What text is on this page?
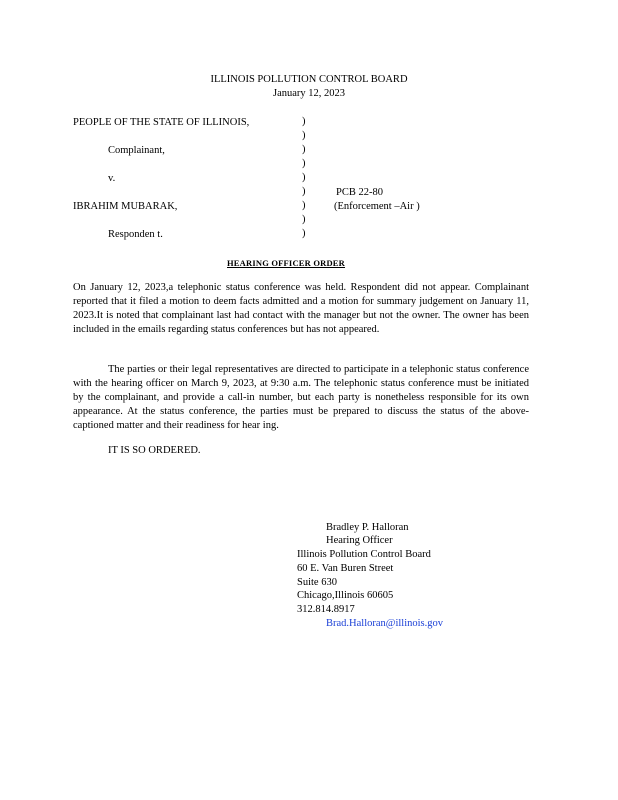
ILLINOIS POLLUTION CONTROL BOARD
January 12, 2023
PEOPLE OF THE STATE OF ILLINOIS,
Complainant,
v.
IBRAHIM MUBARAK,
Responden t.
)
)
)
)
)
)
)
)
)
PCB 22-80
(Enforcement –Air )
HEARING OFFICER ORDER
On January 12, 2023,a telephonic status conference was held. Respondent did not appear. Complainant reported that it filed a motion to deem facts admitted and a motion for summary judgement on January 11, 2023.It is noted that complainant last had contact with the manager but not the owner. The owner has been included in the emails regarding status conferences but has not appeared.
The parties or their legal representatives are directed to participate in a telephonic status conference with the hearing officer on March 9, 2023, at 9:30 a.m. The telephonic status conference must be initiated by the complainant, and provide a call-in number, but each party is nonetheless responsible for its own appearance. At the status conference, the parties must be prepared to discuss the status of the above- captioned matter and their readiness for hear ing.
IT IS SO ORDERED.
Bradley P. Halloran
Hearing Officer
Illinois Pollution Control Board
60 E. Van Buren Street
Suite 630
Chicago,Illinois 60605
312.814.8917
Brad.Halloran@illinois.gov
